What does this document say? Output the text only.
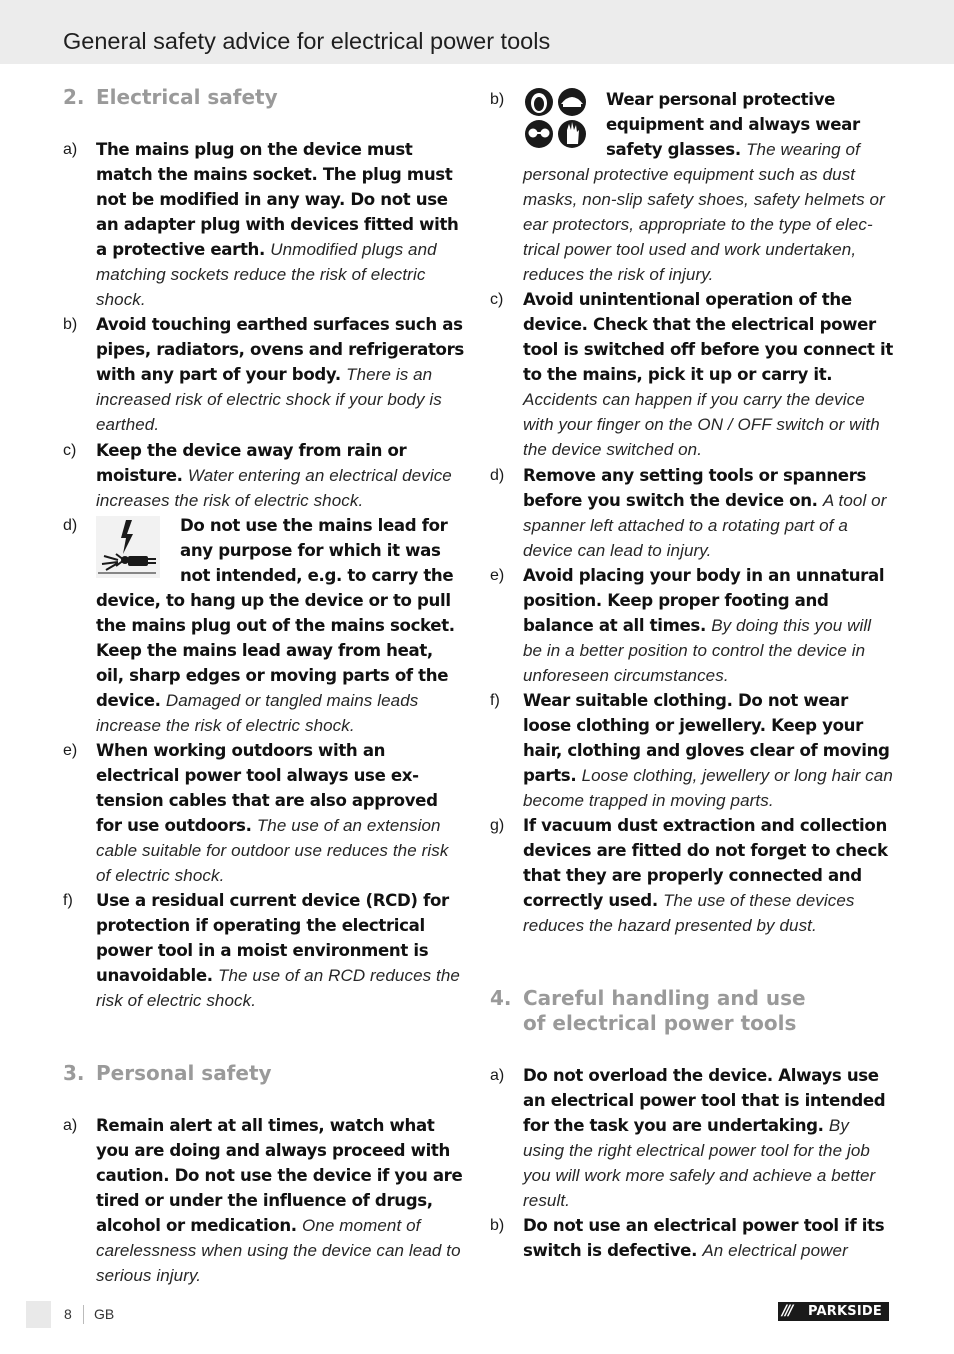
General safety advice for electrical power tools
2. Electrical safety
a)	The mains plug on the device must match the mains socket. The plug must not be modified in any way. Do not use an adapter plug with devices fitted with a protective earth. Unmodified plugs and matching sockets reduce the risk of electric shock.
b)	Avoid touching earthed surfaces such as pipes, radiators, ovens and refrigerators with any part of your body. There is an increased risk of electric shock if your body is earthed.
c)	Keep the device away from rain or moisture. Water entering an electrical device increases the risk of electric shock.
d)	Do not use the mains lead for any purpose for which it was not intended, e.g. to carry the device, to hang up the device or to pull the mains plug out of the mains socket. Keep the mains lead away from heat, oil, sharp edges or moving parts of the device. Damaged or tangled mains leads increase the risk of electric shock.
e)	When working outdoors with an electrical power tool always use extension cables that are also approved for use outdoors. The use of an extension cable suitable for outdoor use reduces the risk of electric shock.
f)	Use a residual current device (RCD) for protection if operating the electrical power tool in a moist environment is unavoidable. The use of an RCD reduces the risk of electric shock.
3. Personal safety
a)	Remain alert at all times, watch what you are doing and always proceed with caution. Do not use the device if you are tired or under the influence of drugs, alcohol or medication. One moment of carelessness when using the device can lead to serious injury.
b)	Wear personal protective equipment and always wear safety glasses. The wearing of personal protective equipment such as dust masks, non-slip safety shoes, safety helmets or ear protectors, appropriate to the type of electrical power tool used and work undertaken, reduces the risk of injury.
c)	Avoid unintentional operation of the device. Check that the electrical power tool is switched off before you connect it to the mains, pick it up or carry it. Accidents can happen if you carry the device with your finger on the ON / OFF switch or with the device switched on.
d)	Remove any setting tools or spanners before you switch the device on. A tool or spanner left attached to a rotating part of a device can lead to injury.
e)	Avoid placing your body in an unnatural position. Keep proper footing and balance at all times. By doing this you will be in a better position to control the device in unforeseen circumstances.
f)	Wear suitable clothing. Do not wear loose clothing or jewellery. Keep your hair, clothing and gloves clear of moving parts. Loose clothing, jewellery or long hair can become trapped in moving parts.
g)	If vacuum dust extraction and collection devices are fitted do not forget to check that they are properly connected and correctly used. The use of these devices reduces the hazard presented by dust.
4. Careful handling and use
of electrical power tools
a)	Do not overload the device. Always use an electrical power tool that is intended for the task you are undertaking. By using the right electrical power tool for the job you will work more safely and achieve a better result.
b)	Do not use an electrical power tool if its switch is defective. An electrical power
8 GB	/// PARKSIDE
